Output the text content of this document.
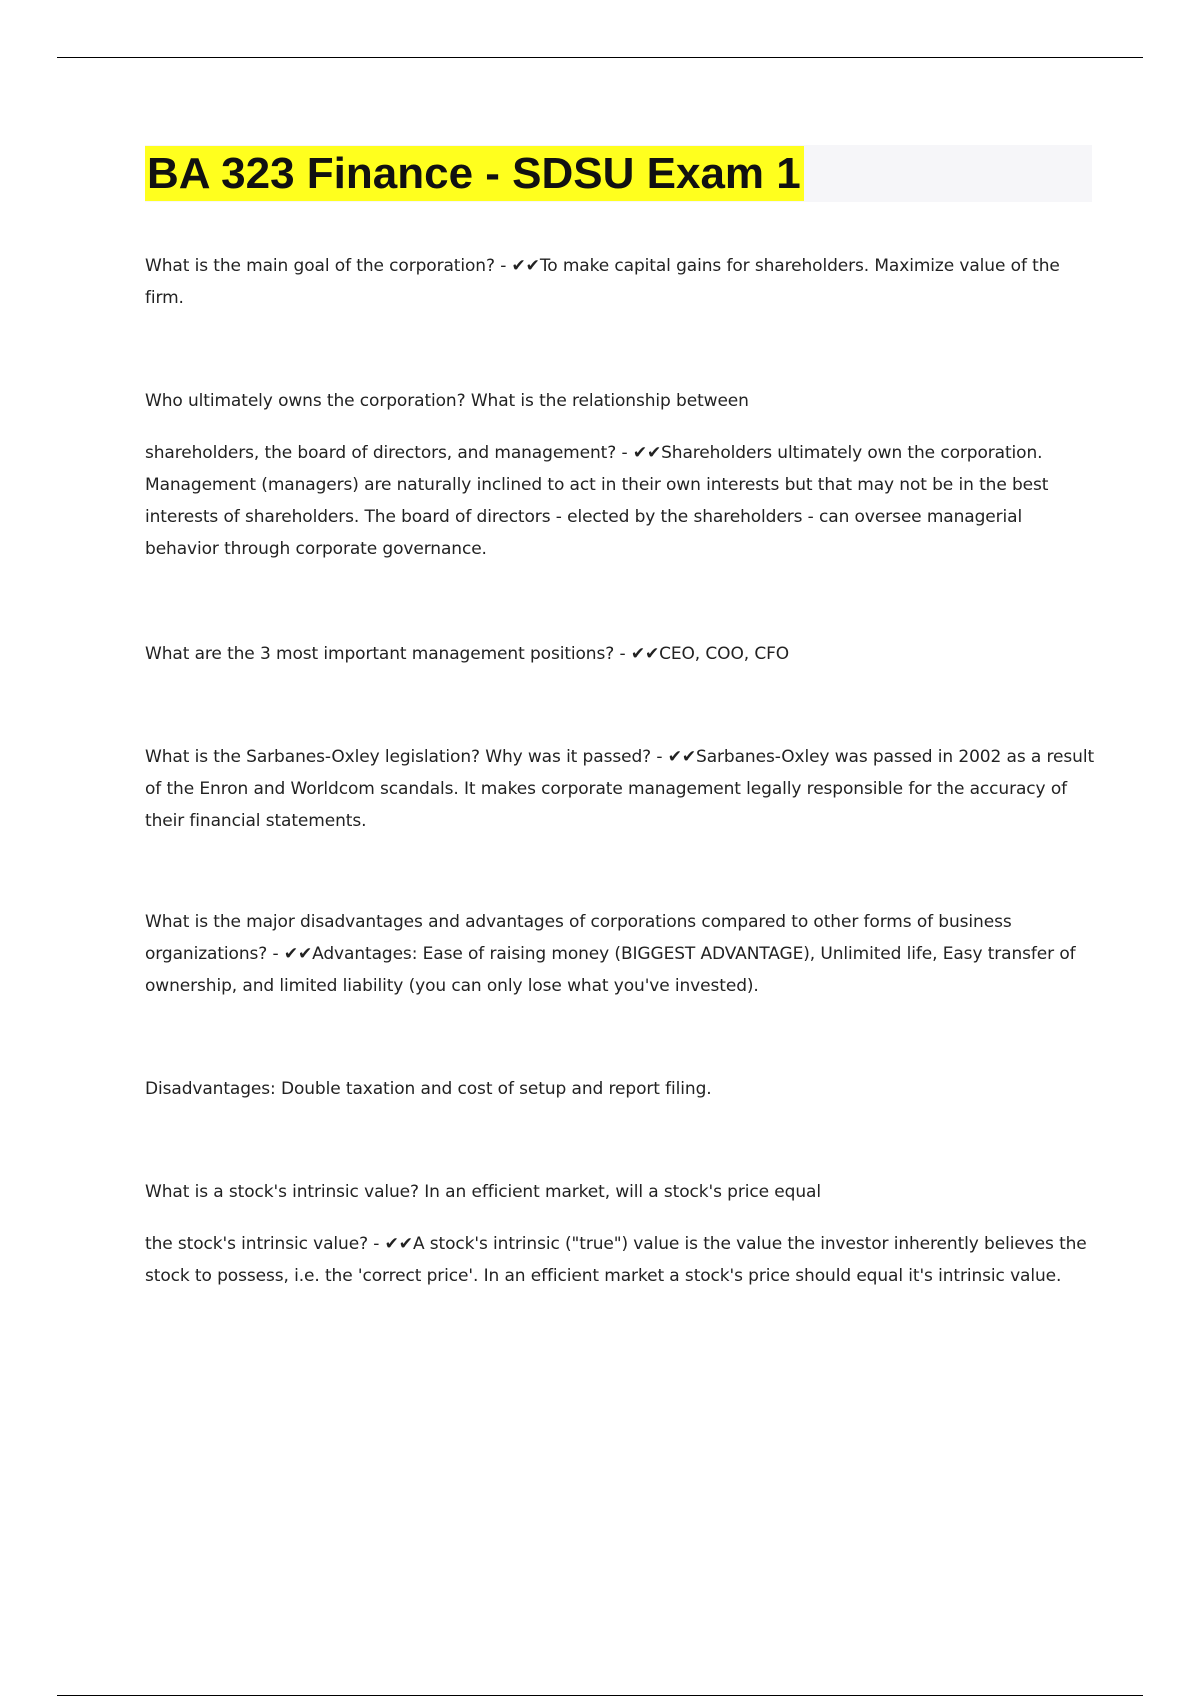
BA 323 Finance - SDSU Exam 1

What is the main goal of the corporation? - ✔✔To make capital gains for shareholders. Maximize value of the firm.

Who ultimately owns the corporation? What is the relationship between

shareholders, the board of directors, and management? - ✔✔Shareholders ultimately own the corporation. Management (managers) are naturally inclined to act in their own interests but that may not be in the best interests of shareholders. The board of directors - elected by the shareholders - can oversee managerial behavior through corporate governance.

What are the 3 most important management positions? - ✔✔CEO, COO, CFO

What is the Sarbanes-Oxley legislation? Why was it passed? - ✔✔Sarbanes-Oxley was passed in 2002 as a result of the Enron and Worldcom scandals. It makes corporate management legally responsible for the accuracy of their financial statements.

What is the major disadvantages and advantages of corporations compared to other forms of business organizations? - ✔✔Advantages: Ease of raising money (BIGGEST ADVANTAGE), Unlimited life, Easy transfer of ownership, and limited liability (you can only lose what you've invested).

Disadvantages: Double taxation and cost of setup and report filing.

What is a stock's intrinsic value? In an efficient market, will a stock's price equal

the stock's intrinsic value? - ✔✔A stock's intrinsic ("true") value is the value the investor inherently believes the stock to possess, i.e. the 'correct price'. In an efficient market a stock's price should equal it's intrinsic value.
